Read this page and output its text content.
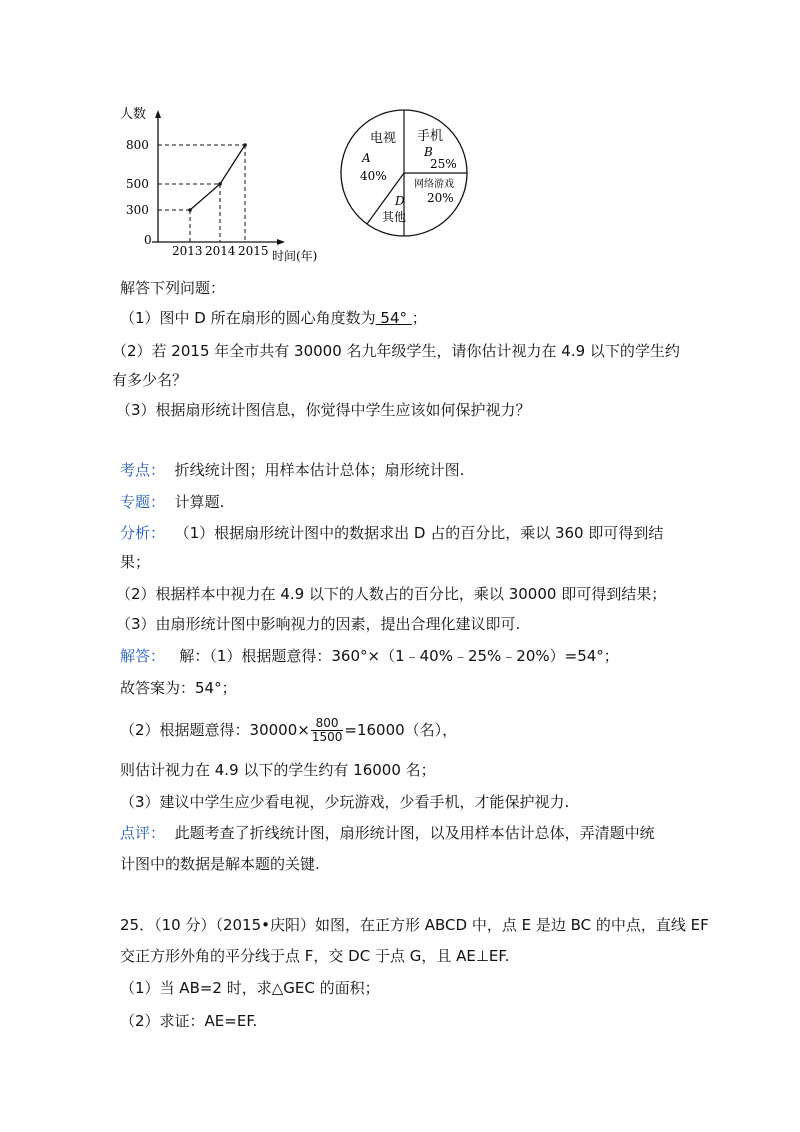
人数
800
500
300
0
2013 2014 2015 时间(年)
电视
A
40%
手机
B
25%
网络游戏
20%
D
其他
解答下列问题：
（1）图中 D 所在扇形的圆心角度数为 54° ；
（2）若 2015 年全市共有 30000 名九年级学生，请你估计视力在 4.9 以下的学生约
有多少名？
（3）根据扇形统计图信息，你觉得中学生应该如何保护视力？
考点： 折线统计图；用样本估计总体；扇形统计图.
专题： 计算题.
分析： （1）根据扇形统计图中的数据求出 D 占的百分比，乘以 360 即可得到结
果；
（2）根据样本中视力在 4.9 以下的人数占的百分比，乘以 30000 即可得到结果；
（3）由扇形统计图中影响视力的因素，提出合理化建议即可.
解答： 解：（1）根据题意得：360°×（1﹣40%﹣25%﹣20%）=54°；
故答案为：54°；
（2）根据题意得：$30000\times \frac{800}{1500} =16000$（名），
则估计视力在 4.9 以下的学生约有 16000 名；
（3）建议中学生应少看电视，少玩游戏，少看手机，才能保护视力.
点评： 此题考查了折线统计图，扇形统计图，以及用样本估计总体，弄清题中统
计图中的数据是解本题的关键.
25．（10 分）（2015•庆阳）如图，在正方形 ABCD 中，点 E 是边 BC 的中点，直线 EF
交正方形外角的平分线于点 F，交 DC 于点 G，且 AE⊥EF.
（1）当 AB=2 时，求△GEC 的面积；
（2）求证：AE=EF.
